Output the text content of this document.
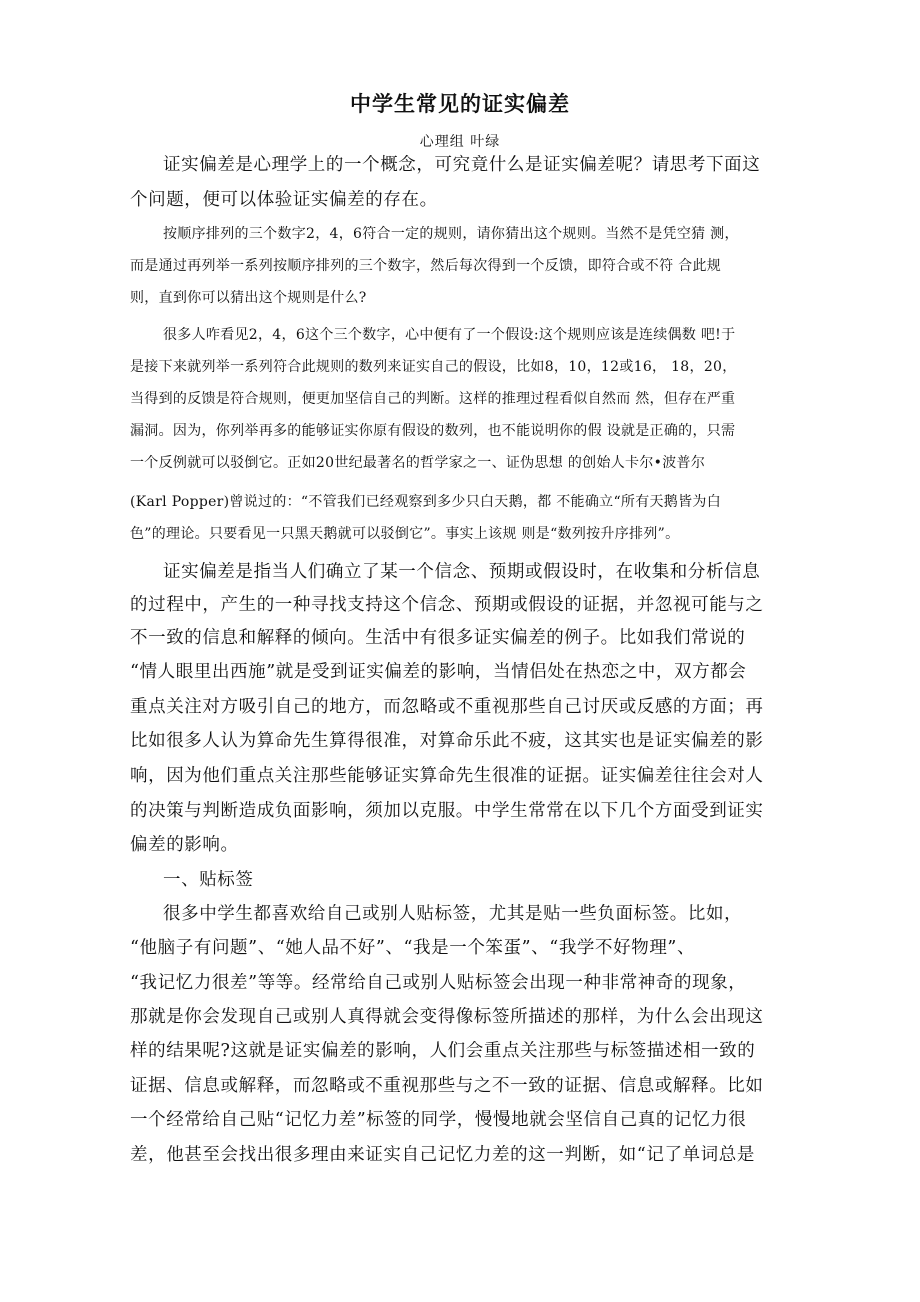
中学生常见的证实偏差
心理组 叶绿
证实偏差是心理学上的一个概念，可究竟什么是证实偏差呢？请思考下面这
个问题，便可以体验证实偏差的存在。
按顺序排列的三个数字2，4，6符合一定的规则，请你猜出这个规则。当然不是凭空猜 测，
而是通过再列举一系列按顺序排列的三个数字，然后每次得到一个反馈，即符合或不符 合此规
则，直到你可以猜出这个规则是什么?
很多人咋看见2，4，6这个三个数字，心中便有了一个假设:这个规则应该是连续偶数 吧!于
是接下来就列举一系列符合此规则的数列来证实自己的假设，比如8，10，12或16， 18，20，
当得到的反馈是符合规则，便更加坚信自己的判断。这样的推理过程看似自然而 然，但存在严重
漏洞。因为，你列举再多的能够证实你原有假设的数列，也不能说明你的假 设就是正确的，只需
一个反例就可以驳倒它。正如20世纪最著名的哲学家之一、证伪思想 的创始人卡尔•波普尔
(Karl Popper)曾说过的：“不管我们已经观察到多少只白天鹅，都 不能确立“所有天鹅皆为白
色”的理论。只要看见一只黑天鹅就可以驳倒它”。事实上该规 则是“数列按升序排列”。
证实偏差是指当人们确立了某一个信念、预期或假设时，在收集和分析信息
的过程中，产生的一种寻找支持这个信念、预期或假设的证据，并忽视可能与之
不一致的信息和解释的倾向。生活中有很多证实偏差的例子。比如我们常说的
“情人眼里出西施”就是受到证实偏差的影响，当情侣处在热恋之中，双方都会
重点关注对方吸引自己的地方，而忽略或不重视那些自己讨厌或反感的方面；再
比如很多人认为算命先生算得很准，对算命乐此不疲，这其实也是证实偏差的影
响，因为他们重点关注那些能够证实算命先生很准的证据。证实偏差往往会对人
的决策与判断造成负面影响，须加以克服。中学生常常在以下几个方面受到证实
偏差的影响。
一、贴标签
很多中学生都喜欢给自己或别人贴标签，尤其是贴一些负面标签。比如，
“他脑子有问题”、“她人品不好”、“我是一个笨蛋”、“我学不好物理”、
“我记忆力很差”等等。经常给自己或别人贴标签会出现一种非常神奇的现象，
那就是你会发现自己或别人真得就会变得像标签所描述的那样，为什么会出现这
样的结果呢?这就是证实偏差的影响，人们会重点关注那些与标签描述相一致的
证据、信息或解释，而忽略或不重视那些与之不一致的证据、信息或解释。比如
一个经常给自己贴“记忆力差”标签的同学，慢慢地就会坚信自己真的记忆力很
差，他甚至会找出很多理由来证实自己记忆力差的这一判断，如“记了单词总是
